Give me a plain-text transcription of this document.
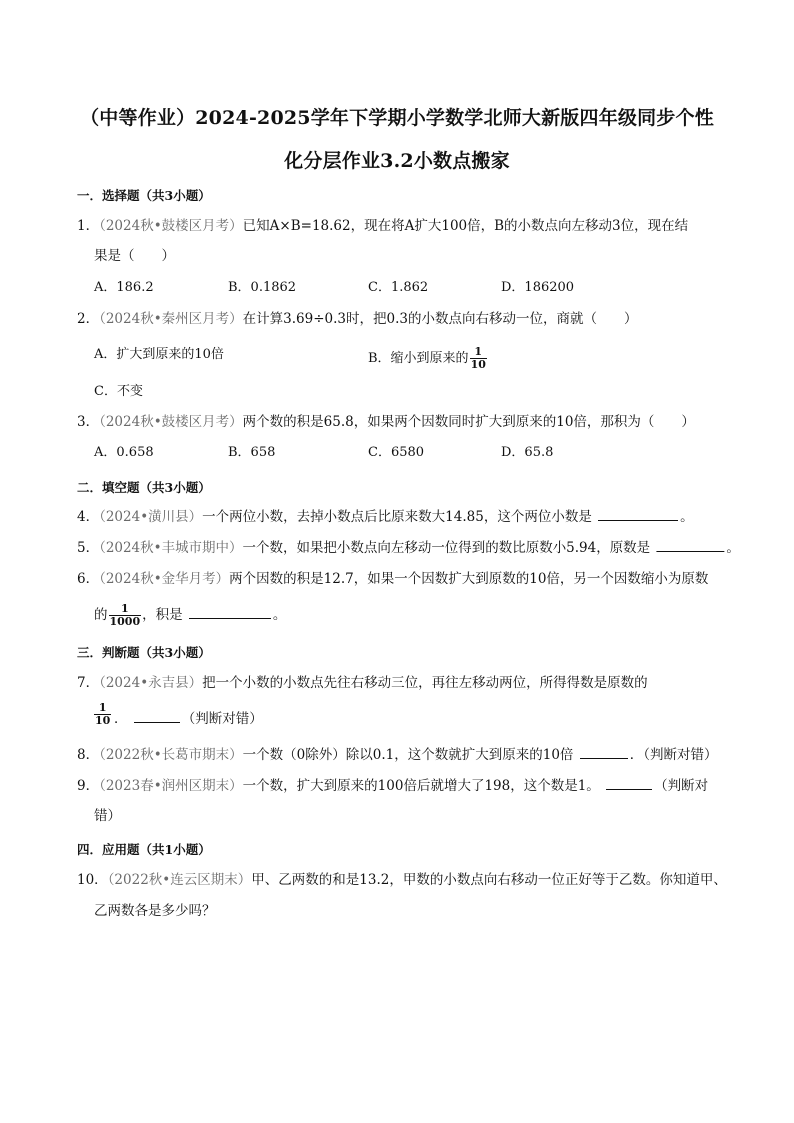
（中等作业）2024-2025学年下学期小学数学北师大新版四年级同步个性
化分层作业3.2小数点搬家
一．选择题（共3小题）
1．（2024秋•鼓楼区月考）已知A×B=18.62，现在将A扩大100倍，B的小数点向左移动3位，现在结
果是（　　）
A．186.2	B．0.1862	C．1.862	D．186200
2．（2024秋•秦州区月考）在计算3.69÷0.3时，把0.3的小数点向右移动一位，商就（　　）
A．扩大到原来的10倍	B．缩小到原来的 $\frac{1}{10}$
C．不变
3．（2024秋•鼓楼区月考）两个数的积是65.8，如果两个因数同时扩大到原来的10倍，那积为（　　）
A．0.658	B．658	C．6580	D．65.8
二．填空题（共3小题）
4．（2024•潢川县）一个两位小数，去掉小数点后比原来数大14.85，这个两位小数是	。
5．（2024秋•丰城市期中）一个数，如果把小数点向左移动一位得到的数比原数小5.94，原数是	。
6．（2024秋•金华月考）两个因数的积是12.7，如果一个因数扩大到原数的10倍，另一个因数缩小为原数
的 $\frac{1}{1000}$ ，积是	。
三．判断题（共3小题）
7．（2024•永吉县）把一个小数的小数点先往右移动三位，再往左移动两位，所得得数是原数的
$\frac{1}{10}$ ．	（判断对错）
8．（2022秋•长葛市期末）一个数（0除外）除以0.1，这个数就扩大到原来的10倍	．（判断对错）
9．（2023春•润州区期末）一个数，扩大到原来的100倍后就增大了198，这个数是1。	（判断对
错）
四．应用题（共1小题）
10．（2022秋•连云区期末）甲、乙两数的和是13.2，甲数的小数点向右移动一位正好等于乙数。你知道甲、
乙两数各是多少吗？
